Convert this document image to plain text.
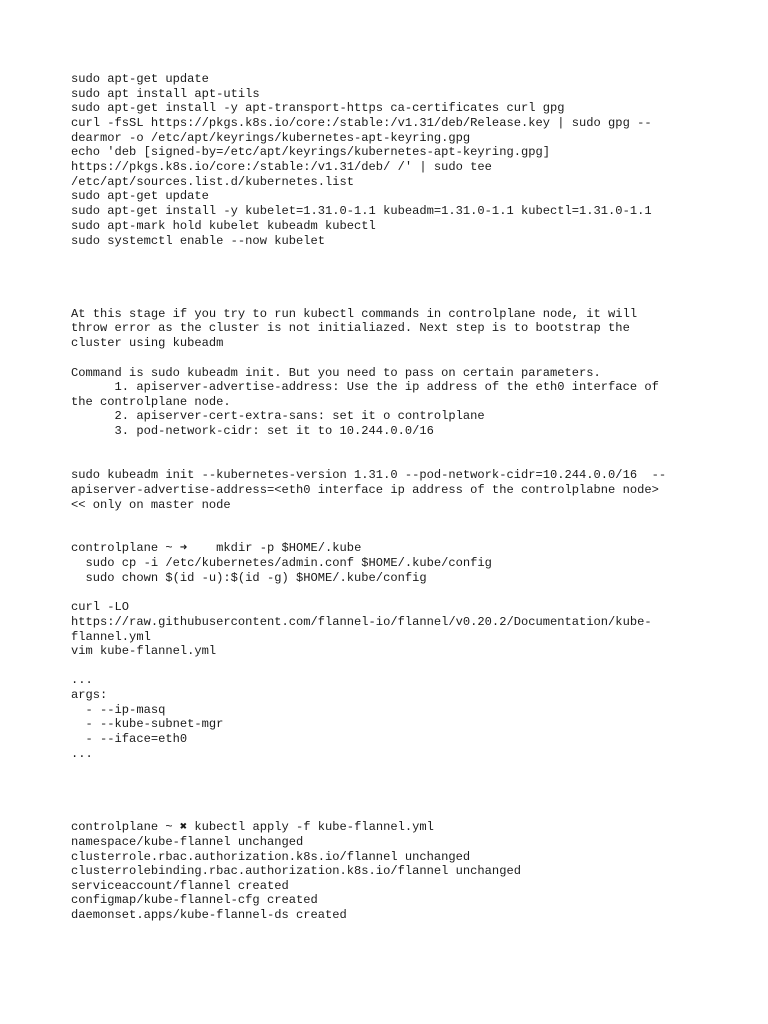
sudo apt-get update

sudo apt install apt-utils

sudo apt-get install -y apt-transport-https ca-certificates curl gpg

curl -fsSL https://pkgs.k8s.io/core:/stable:/v1.31/deb/Release.key | sudo gpg --

dearmor -o /etc/apt/keyrings/kubernetes-apt-keyring.gpg

echo 'deb [signed-by=/etc/apt/keyrings/kubernetes-apt-keyring.gpg]

https://pkgs.k8s.io/core:/stable:/v1.31/deb/ /' | sudo tee

/etc/apt/sources.list.d/kubernetes.list

sudo apt-get update

sudo apt-get install -y kubelet=1.31.0-1.1 kubeadm=1.31.0-1.1 kubectl=1.31.0-1.1

sudo apt-mark hold kubelet kubeadm kubectl

sudo systemctl enable --now kubelet

At this stage if you try to run kubectl commands in controlplane node, it will

throw error as the cluster is not initialiazed. Next step is to bootstrap the

cluster using kubeadm

Command is sudo kubeadm init. But you need to pass on certain parameters.

1. apiserver-advertise-address: Use the ip address of the eth0 interface of

the controlplane node.

2. apiserver-cert-extra-sans: set it o controlplane

3. pod-network-cidr: set it to 10.244.0.0/16

sudo kubeadm init --kubernetes-version 1.31.0 --pod-network-cidr=10.244.0.0/16  --

apiserver-advertise-address=<eth0 interface ip address of the controlplabne node>

<< only on master node

controlplane ~ ➜    mkdir -p $HOME/.kube

sudo cp -i /etc/kubernetes/admin.conf $HOME/.kube/config

sudo chown $(id -u):$(id -g) $HOME/.kube/config

curl -LO

https://raw.githubusercontent.com/flannel-io/flannel/v0.20.2/Documentation/kube-

flannel.yml

vim kube-flannel.yml

...

args:

- --ip-masq

- --kube-subnet-mgr

- --iface=eth0

...

controlplane ~ ✖ kubectl apply -f kube-flannel.yml

namespace/kube-flannel unchanged

clusterrole.rbac.authorization.k8s.io/flannel unchanged

clusterrolebinding.rbac.authorization.k8s.io/flannel unchanged

serviceaccount/flannel created

configmap/kube-flannel-cfg created

daemonset.apps/kube-flannel-ds created
